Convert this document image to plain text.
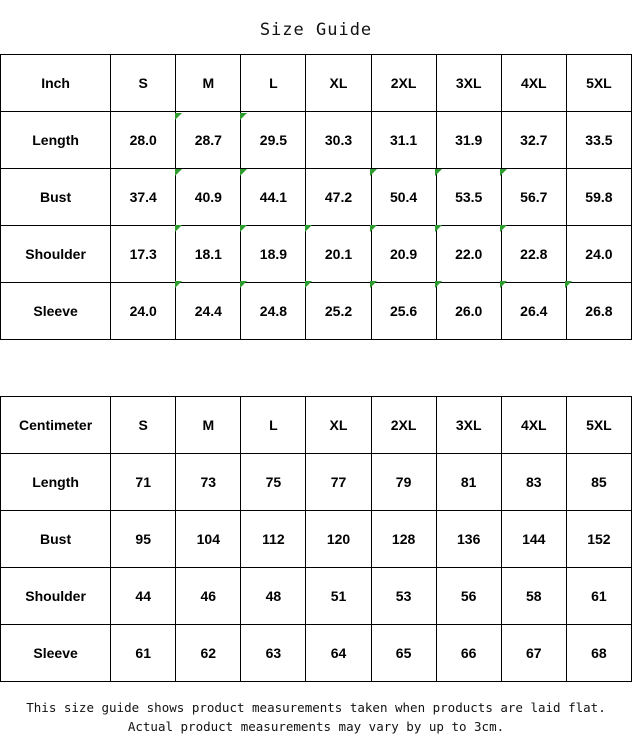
Size Guide
Inch	S	M	L	XL	2XL	3XL	4XL	5XL
Length	28.0	28.7	29.5	30.3	31.1	31.9	32.7	33.5
Bust	37.4	40.9	44.1	47.2	50.4	53.5	56.7	59.8
Shoulder	17.3	18.1	18.9	20.1	20.9	22.0	22.8	24.0
Sleeve	24.0	24.4	24.8	25.2	25.6	26.0	26.4	26.8
Centimeter	S	M	L	XL	2XL	3XL	4XL	5XL
Length	71	73	75	77	79	81	83	85
Bust	95	104	112	120	128	136	144	152
Shoulder	44	46	48	51	53	56	58	61
Sleeve	61	62	63	64	65	66	67	68
This size guide shows product measurements taken when products are laid flat. Actual product measurements may vary by up to 3cm.
